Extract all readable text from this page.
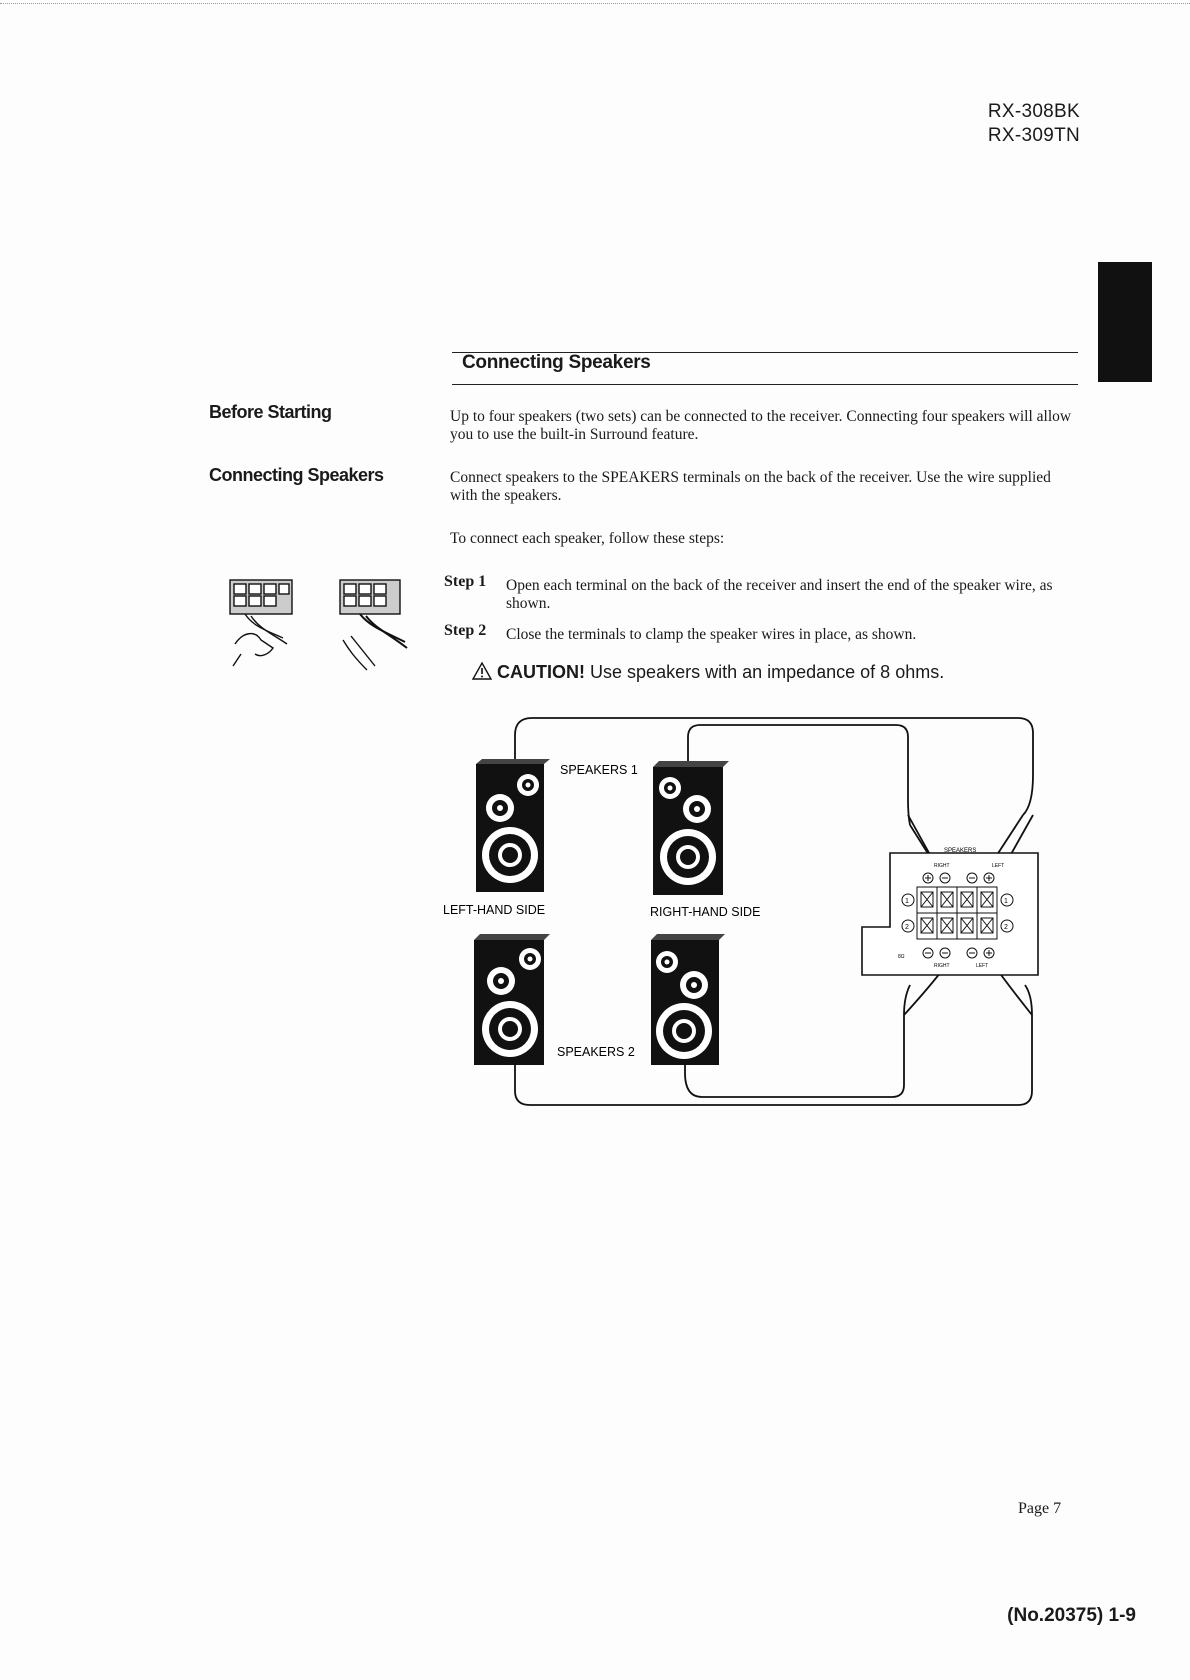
RX-308BK
RX-309TN
Before Starting
Connecting Speakers
Connecting Speakers
Up to four speakers (two sets) can be connected to the receiver. Connecting four speakers will allow you to use the built-in Surround feature.
Connect speakers to the SPEAKERS terminals on the back of the receiver. Use the wire supplied with the speakers.
To connect each speaker, follow these steps:
Step 1 Open each terminal on the back of the receiver and insert the end of the speaker wire, as shown.
Step 2 Close the terminals to clamp the speaker wires in place, as shown.
CAUTION! Use speakers with an impedance of 8 ohms.
SPEAKERS
RIGHT	LEFT
1	1
2	2
8Ω
RIGHT	LEFT
SPEAKERS 1
LEFT-HAND SIDE	RIGHT-HAND SIDE
SPEAKERS 2
Page 7
(No.20375) 1-9
